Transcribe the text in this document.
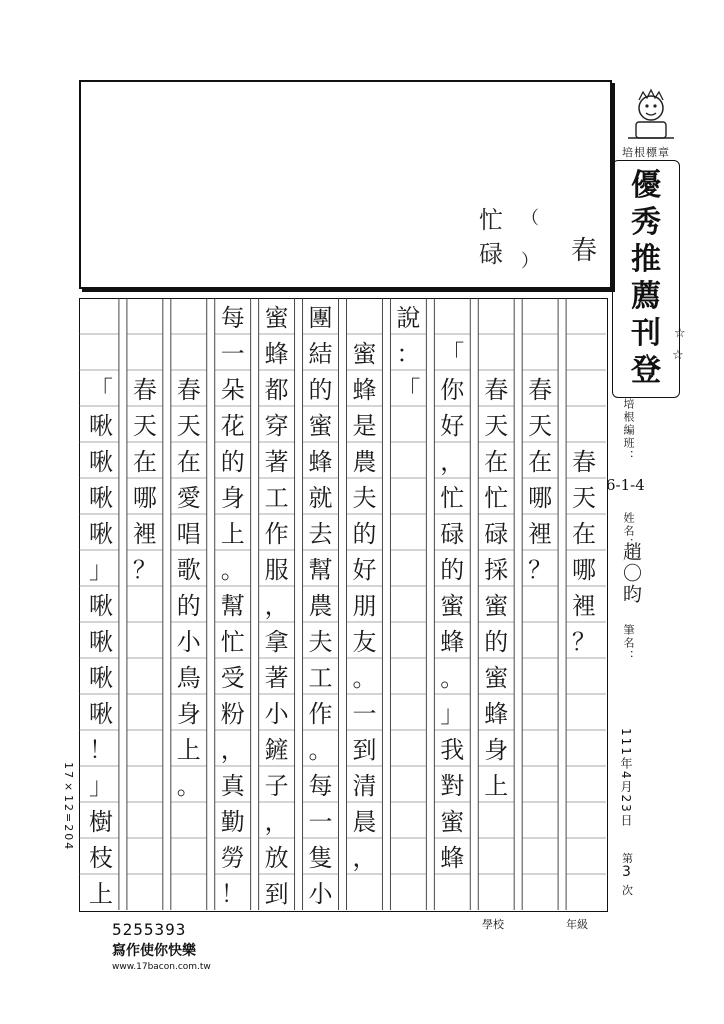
忙
碌
（
） 春
春
天
在
哪
裡
？
春
天
在
哪
裡
？
春
天
在
忙
碌
採
蜜
的
蜜
蜂
身
上
「
你
好
，
忙
碌
的
蜜
蜂
。
」
我
對
蜜
蜂
說
：
「
蜜
蜂
是
農
夫
的
好
朋
友
。
一
到
清
晨
，
團
結
的
蜜
蜂
就
去
幫
農
夫
工
作
。
每
一
隻
小
蜜
蜂
都
穿
著
工
作
服
，
拿
著
小
鏟
子
，
放
到
每
一
朵
花
的
身
上
。
幫
忙
受
粉
，
真
勤
勞
！
春
天
在
愛
唱
歌
的
小
鳥
身
上
。
春
天
在
哪
裡
？
「
啾
啾
啾
啾
」
啾
啾
啾
啾
！
」
樹
枝
上
17×12=204
培根標章
優
秀
推
薦
刊
登
☆
☆
培根編班：
6-1-4
姓名：
趙〇昀
筆名：
111年4月23日
第
3
次
學校	年級
5255393
寫作使你快樂
www.17bacon.com.tw
